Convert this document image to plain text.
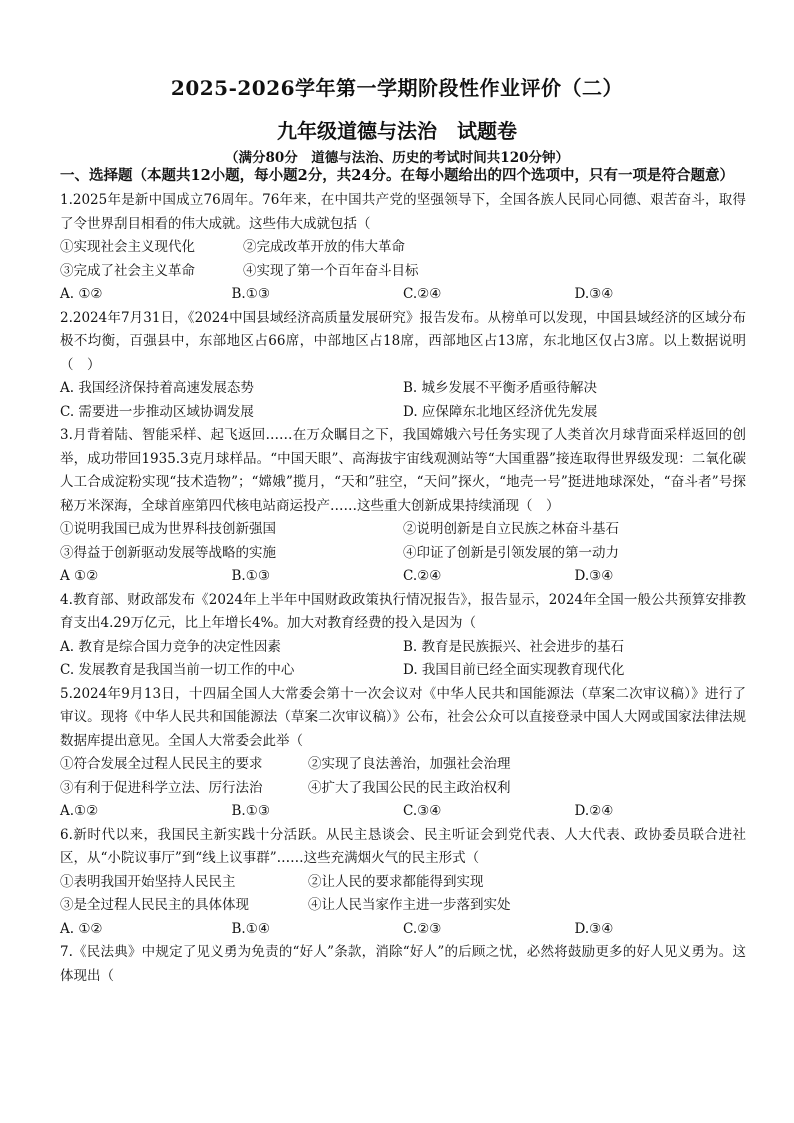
2025-2026学年第一学期阶段性作业评价（二）
九年级道德与法治 试题卷
（满分80分　道德与法治、历史的考试时间共120分钟）
一、选择题（本题共12小题，每小题2分，共24分。在每小题给出的四个选项中，只有一项是符合题意）
1.2025年是新中国成立76周年。76年来，在中国共产党的坚强领导下，全国各族人民同心同德、艰苦奋斗，取得了令世界刮目相看的伟大成就。这些伟大成就包括（
①实现社会主义现代化	②完成改革开放的伟大革命
③完成了社会主义革命	④实现了第一个百年奋斗目标
A. ①②	B.①③	C.②④	D.③④
2.2024年7月31日，《2024中国县域经济高质量发展研究》报告发布。从榜单可以发现，中国县域经济的区域分布极不均衡，百强县中，东部地区占66席，中部地区占18席，西部地区占13席，东北地区仅占3席。以上数据说明（　）
A. 我国经济保持着高速发展态势	B. 城乡发展不平衡矛盾亟待解决
C. 需要进一步推动区域协调发展	D. 应保障东北地区经济优先发展
3.月背着陆、智能采样、起飞返回……在万众瞩目之下，我国嫦娥六号任务实现了人类首次月球背面采样返回的创举，成功带回1935.3克月球样品。“中国天眼”、高海拔宇宙线观测站等“大国重器”接连取得世界级发现：二氧化碳人工合成淀粉实现“技术造物”；“嫦娥”揽月，“天和”驻空，“天问”探火，“地壳一号”挺进地球深处，“奋斗者”号探秘万米深海，全球首座第四代核电站商运投产……这些重大创新成果持续涌现（　）
①说明我国已成为世界科技创新强国	②说明创新是自立民族之林奋斗基石
③得益于创新驱动发展等战略的实施	④印证了创新是引领发展的第一动力
A ①②	B.①③	C.②④	D.③④
4.教育部、财政部发布《2024年上半年中国财政政策执行情况报告》，报告显示，2024年全国一般公共预算安排教育支出4.29万亿元，比上年增长4%。加大对教育经费的投入是因为（
A. 教育是综合国力竞争的决定性因素	B. 教育是民族振兴、社会进步的基石
C. 发展教育是我国当前一切工作的中心	D. 我国目前已经全面实现教育现代化
5.2024年9月13日，十四届全国人大常委会第十一次会议对《中华人民共和国能源法（草案二次审议稿）》进行了审议。现将《中华人民共和国能源法（草案二次审议稿）》公布，社会公众可以直接登录中国人大网或国家法律法规数据库提出意见。全国人大常委会此举（
①符合发展全过程人民民主的要求	②实现了良法善治，加强社会治理
③有利于促进科学立法、厉行法治	④扩大了我国公民的民主政治权利
A.①②	B.①③	C.③④	D.②④
6.新时代以来，我国民主新实践十分活跃。从民主恳谈会、民主听证会到党代表、人大代表、政协委员联合进社区，从“小院议事厅”到“线上议事群”……这些充满烟火气的民主形式（
①表明我国开始坚持人民民主	②让人民的要求都能得到实现
③是全过程人民民主的具体体现	④让人民当家作主进一步落到实处
A. ①②	B.①④	C.②③	D.③④
7.《民法典》中规定了见义勇为免责的“好人”条款，消除“好人”的后顾之忧，必然将鼓励更多的好人见义勇为。这体现出（
